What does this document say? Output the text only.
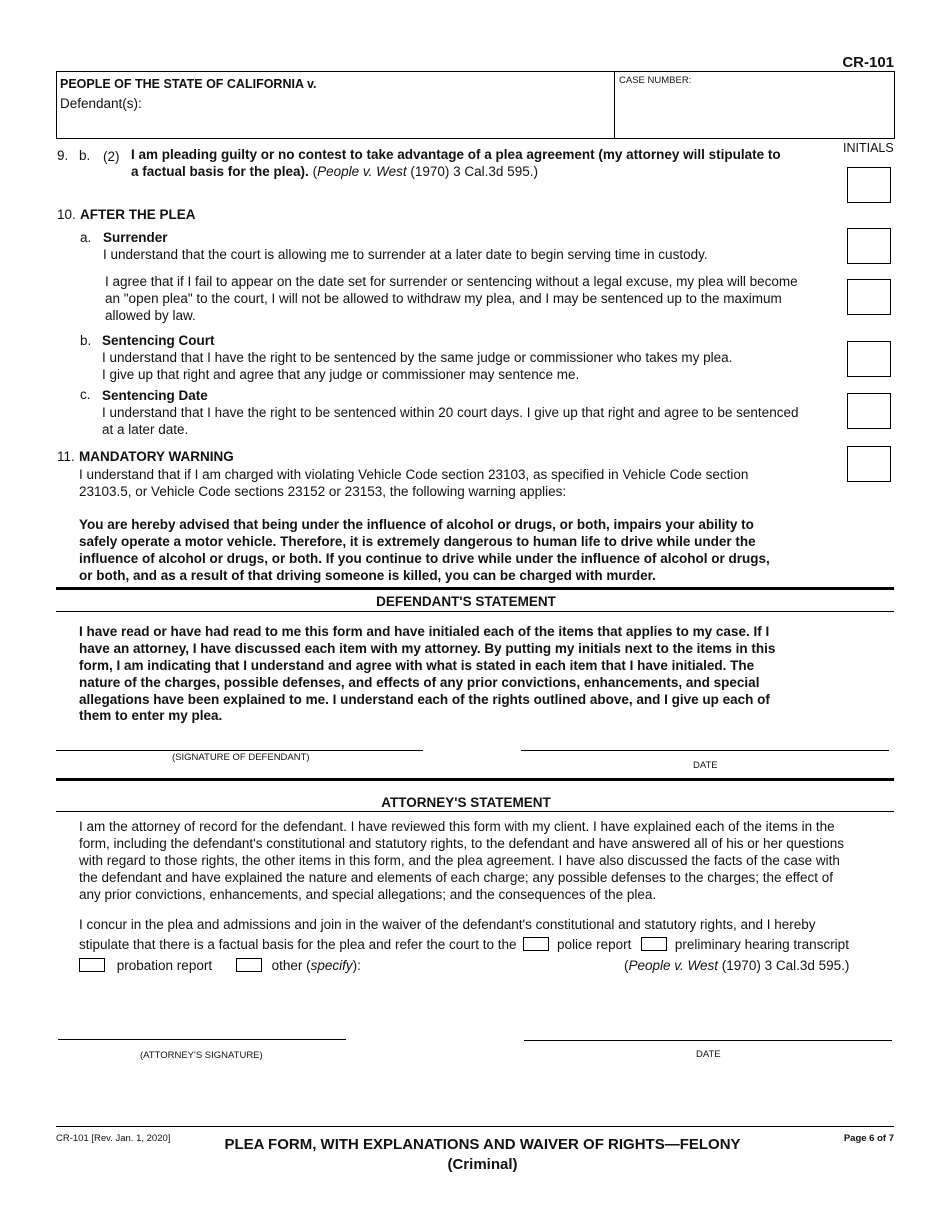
CR-101
PEOPLE OF THE STATE OF CALIFORNIA v.
Defendant(s):
CASE NUMBER:
INITIALS
9. b. (2) I am pleading guilty or no contest to take advantage of a plea agreement (my attorney will stipulate to
a factual basis for the plea). (People v. West (1970) 3 Cal.3d 595.)
10. AFTER THE PLEA
a. Surrender
I understand that the court is allowing me to surrender at a later date to begin serving time in custody.
I agree that if I fail to appear on the date set for surrender or sentencing without a legal excuse, my plea will become
an "open plea" to the court, I will not be allowed to withdraw my plea, and I may be sentenced up to the maximum
allowed by law.
b. Sentencing Court
I understand that I have the right to be sentenced by the same judge or commissioner who takes my plea.
I give up that right and agree that any judge or commissioner may sentence me.
c. Sentencing Date
I understand that I have the right to be sentenced within 20 court days. I give up that right and agree to be sentenced
at a later date.
11. MANDATORY WARNING
I understand that if I am charged with violating Vehicle Code section 23103, as specified in Vehicle Code section
23103.5, or Vehicle Code sections 23152 or 23153, the following warning applies:
You are hereby advised that being under the influence of alcohol or drugs, or both, impairs your ability to
safely operate a motor vehicle. Therefore, it is extremely dangerous to human life to drive while under the
influence of alcohol or drugs, or both. If you continue to drive while under the influence of alcohol or drugs,
or both, and as a result of that driving someone is killed, you can be charged with murder.
DEFENDANT'S STATEMENT
I have read or have had read to me this form and have initialed each of the items that applies to my case. If I
have an attorney, I have discussed each item with my attorney. By putting my initials next to the items in this
form, I am indicating that I understand and agree with what is stated in each item that I have initialed. The
nature of the charges, possible defenses, and effects of any prior convictions, enhancements, and special
allegations have been explained to me. I understand each of the rights outlined above, and I give up each of
them to enter my plea.
(SIGNATURE OF DEFENDANT)
DATE
ATTORNEY'S STATEMENT
I am the attorney of record for the defendant. I have reviewed this form with my client. I have explained each of the items in the
form, including the defendant's constitutional and statutory rights, to the defendant and have answered all of his or her questions
with regard to those rights, the other items in this form, and the plea agreement. I have also discussed the facts of the case with
the defendant and have explained the nature and elements of each charge; any possible defenses to the charges; the effect of
any prior convictions, enhancements, and special allegations; and the consequences of the plea.
I concur in the plea and admissions and join in the waiver of the defendant's constitutional and statutory rights, and I hereby
stipulate that there is a factual basis for the plea and refer the court to the	police report	preliminary hearing transcript
probation report	other (specify):	(People v. West (1970) 3 Cal.3d 595.)
(ATTORNEY'S SIGNATURE)	DATE
CR-101 [Rev. Jan. 1, 2020]	PLEA FORM, WITH EXPLANATIONS AND WAIVER OF RIGHTS—FELONY
(Criminal)
Page 6 of 7
